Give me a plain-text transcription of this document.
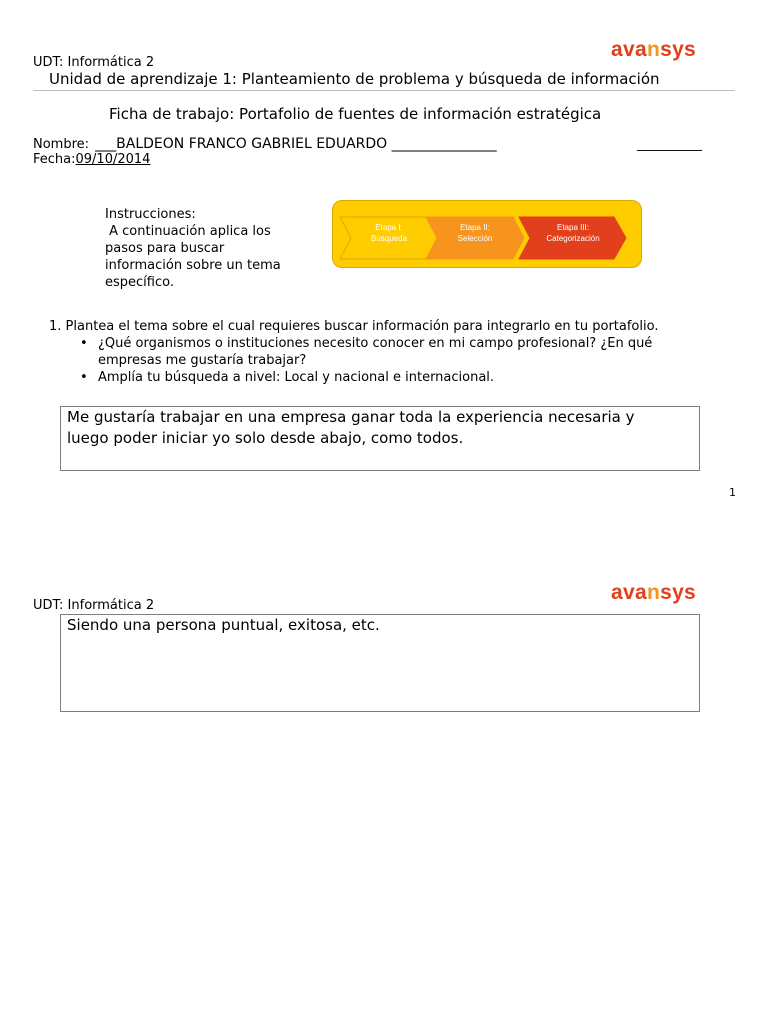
avansys
UDT: Informática 2
Unidad de aprendizaje 1: Planteamiento de problema y búsqueda de información
Ficha de trabajo: Portafolio de fuentes de información estratégica
Nombre: ___BALDEON FRANCO GABRIEL EDUARDO _______________	__________
Fecha:09/10/2014
Instrucciones:
A continuación aplica los
pasos para buscar
información sobre un tema
específico.
Etapa I:
Búsqueda
Etapa II:
Selección
Etapa III:
Categorización
1. Plantea el tema sobre el cual requieres buscar información para integrarlo en tu portafolio.
• ¿Qué organismos o instituciones necesito conocer en mi campo profesional? ¿En qué
empresas me gustaría trabajar?
• Amplía tu búsqueda a nivel: Local y nacional e internacional.
Me gustaría trabajar en una empresa ganar toda la experiencia necesaria y
luego poder iniciar yo solo desde abajo, como todos.
1
avansys
UDT: Informática 2
Siendo una persona puntual, exitosa, etc.
